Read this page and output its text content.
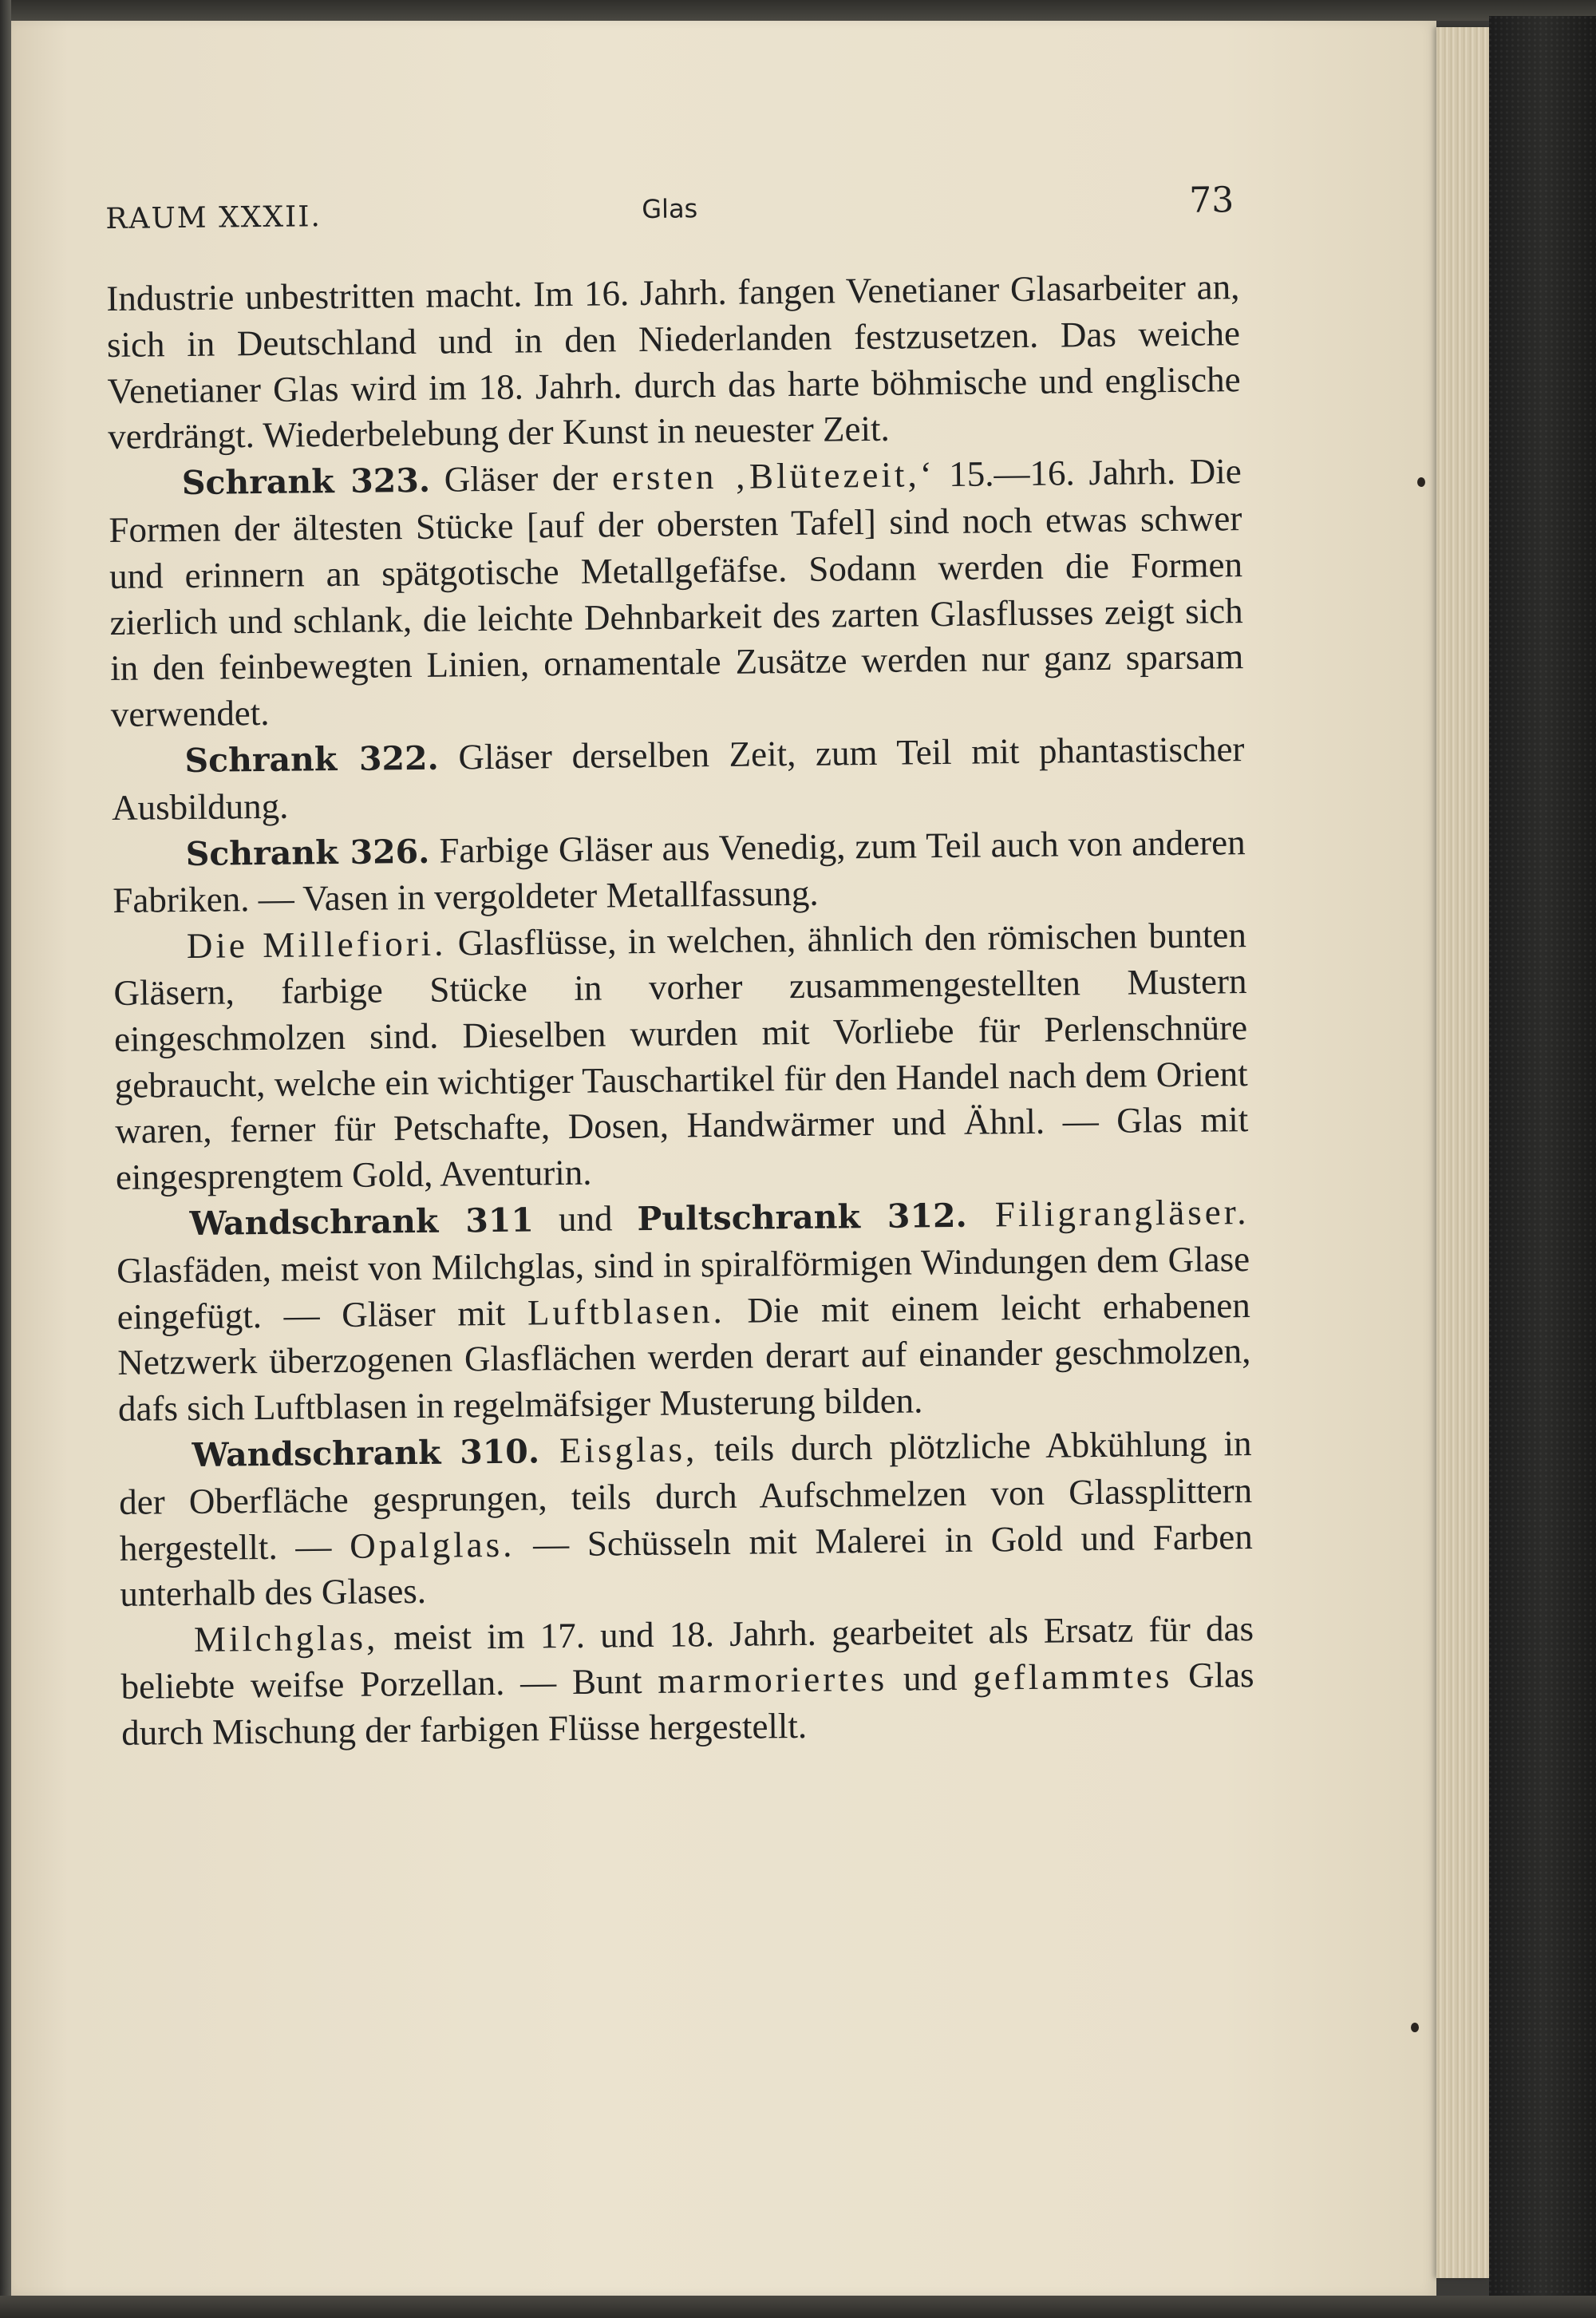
RAUM XXXII.	Glas	73

Industrie unbestritten macht. Im 16. Jahrh. fangen Venetianer Glasarbeiter an, sich in Deutschland und in den Niederlanden festzusetzen. Das weiche Venetianer Glas wird im 18. Jahrh. durch das harte böhmische und englische verdrängt. Wiederbelebung der Kunst in neuester Zeit.

Schrank 323. Gläser der ersten ‚Blütezeit,‘ 15.—16. Jahrh. Die Formen der ältesten Stücke [auf der obersten Tafel] sind noch etwas schwer und erinnern an spätgotische Metallgefäfse. Sodann werden die Formen zierlich und schlank, die leichte Dehnbarkeit des zarten Glasflusses zeigt sich in den feinbewegten Linien, ornamentale Zusätze werden nur ganz sparsam verwendet.

Schrank 322. Gläser derselben Zeit, zum Teil mit phantastischer Ausbildung.

Schrank 326. Farbige Gläser aus Venedig, zum Teil auch von anderen Fabriken. — Vasen in vergoldeter Metallfassung.

Die Millefiori. Glasflüsse, in welchen, ähnlich den römischen bunten Gläsern, farbige Stücke in vorher zusammengestellten Mustern eingeschmolzen sind. Dieselben wurden mit Vorliebe für Perlenschnüre gebraucht, welche ein wichtiger Tauschartikel für den Handel nach dem Orient waren, ferner für Petschafte, Dosen, Handwärmer und Ähnl. — Glas mit eingesprengtem Gold, Aventurin.

Wandschrank 311 und Pultschrank 312. Filigrangläser. Glasfäden, meist von Milchglas, sind in spiralförmigen Windungen dem Glase eingefügt. — Gläser mit Luftblasen. Die mit einem leicht erhabenen Netzwerk überzogenen Glasflächen werden derart auf einander geschmolzen, dafs sich Luftblasen in regelmäfsiger Musterung bilden.

Wandschrank 310. Eisglas, teils durch plötzliche Abkühlung in der Oberfläche gesprungen, teils durch Aufschmelzen von Glassplittern hergestellt. — Opalglas. — Schüsseln mit Malerei in Gold und Farben unterhalb des Glases.

Milchglas, meist im 17. und 18. Jahrh. gearbeitet als Ersatz für das beliebte weifse Porzellan. — Bunt marmoriertes und geflammtes Glas durch Mischung der farbigen Flüsse hergestellt.
